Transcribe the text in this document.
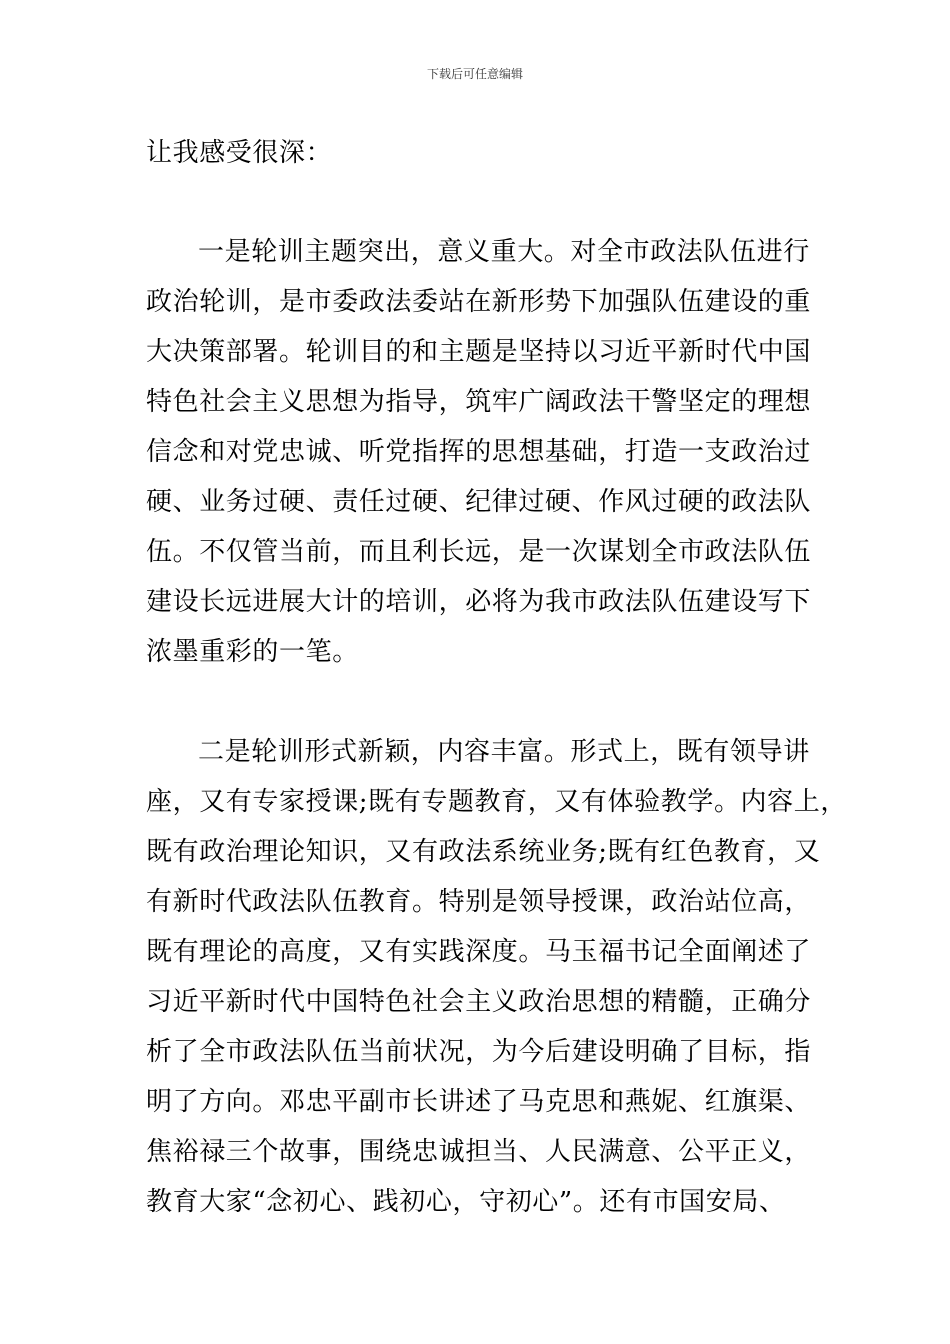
下载后可任意编辑
让我感受很深：
一是轮训主题突出，意义重大。对全市政法队伍进行
政治轮训，是市委政法委站在新形势下加强队伍建设的重
大决策部署。轮训目的和主题是坚持以习近平新时代中国
特色社会主义思想为指导，筑牢广阔政法干警坚定的理想
信念和对党忠诚、听党指挥的思想基础，打造一支政治过
硬、业务过硬、责任过硬、纪律过硬、作风过硬的政法队
伍。不仅管当前，而且利长远，是一次谋划全市政法队伍
建设长远进展大计的培训，必将为我市政法队伍建设写下
浓墨重彩的一笔。
二是轮训形式新颖，内容丰富。形式上，既有领导讲
座，又有专家授课;既有专题教育，又有体验教学。内容上，
既有政治理论知识，又有政法系统业务;既有红色教育，又
有新时代政法队伍教育。特别是领导授课，政治站位高，
既有理论的高度，又有实践深度。马玉福书记全面阐述了
习近平新时代中国特色社会主义政治思想的精髓，正确分
析了全市政法队伍当前状况，为今后建设明确了目标，指
明了方向。邓忠平副市长讲述了马克思和燕妮、红旗渠、
焦裕禄三个故事，围绕忠诚担当、人民满意、公平正义，
教育大家“念初心、践初心，守初心”。还有市国安局、
